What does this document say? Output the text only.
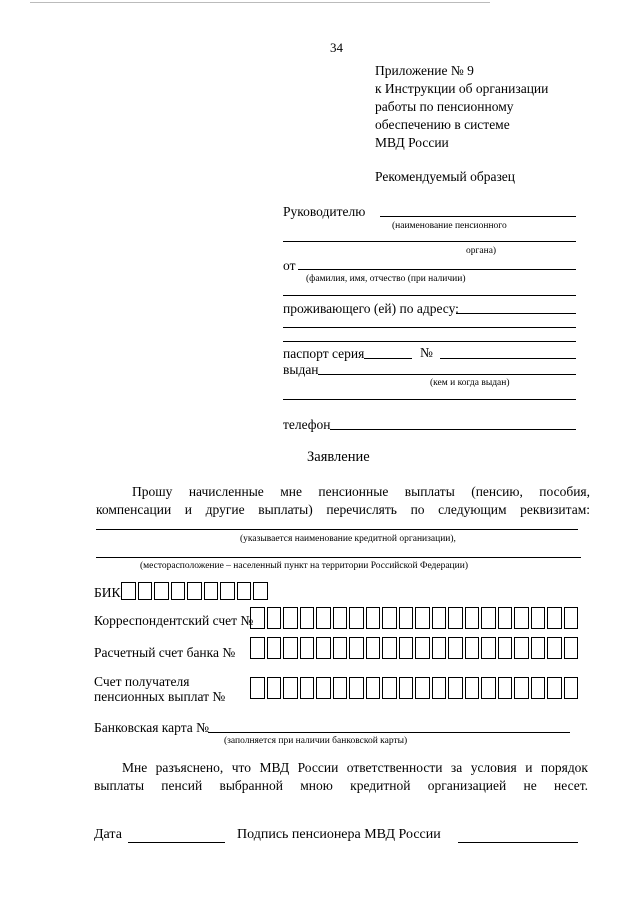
34
Приложение № 9
к Инструкции об организации
работы по пенсионному
обеспечению в системе
МВД России
Рекомендуемый образец
Руководителю
(наименование пенсионного
органа)
от
(фамилия, имя, отчество (при наличии)
проживающего (ей) по адресу:
паспорт серия	№
выдан
(кем и когда выдан)
телефон
Заявление
Прошу начисленные мне пенсионные выплаты (пенсию, пособия, компенсации и другие выплаты) перечислять по следующим реквизитам:
(указывается наименование кредитной организации),
(месторасположение – населенный пункт на территории Российской Федерации)
БИК
Корреспондентский счет №
Расчетный счет банка №
Счет получателя
пенсионных выплат №
Банковская карта №
(заполняется при наличии банковской карты)
Мне разъяснено, что МВД России ответственности за условия и порядок выплаты пенсий выбранной мною кредитной организацией не несет.
Дата	Подпись пенсионера МВД России
